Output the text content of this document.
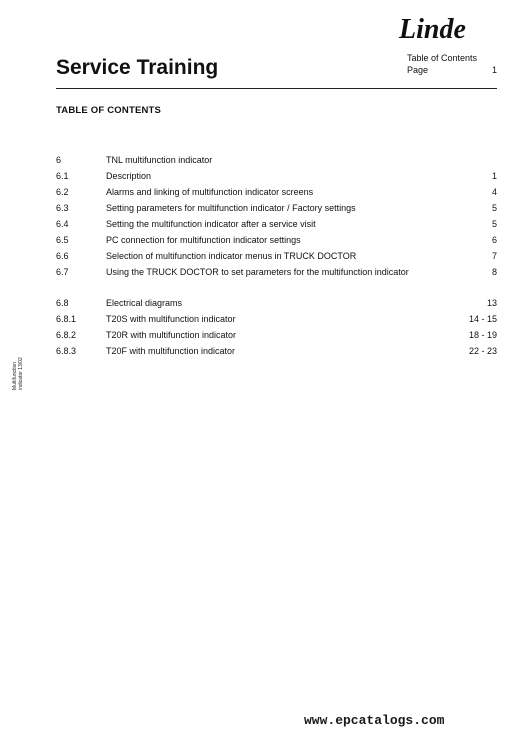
Service Training
Linde
Table of Contents
Page	1
TABLE OF CONTENTS
6	TNL multifunction indicator
6.1	Description	1
6.2	Alarms and linking of multifunction indicator screens	4
6.3	Setting parameters for multifunction indicator / Factory settings	5
6.4	Setting the multifunction indicator after a service visit	5
6.5	PC connection for multifunction indicator settings	6
6.6	Selection of multifunction indicator menus in TRUCK DOCTOR	7
6.7	Using the TRUCK DOCTOR to set parameters for the multifunction indicator	8
6.8	Electrical diagrams	13
6.8.1	T20S with multifunction indicator	14 - 15
6.8.2	T20R with multifunction indicator	18 - 19
6.8.3	T20F with multifunction indicator	22 - 23
Multifunction indicator 13/02
www.epcatalogs.com
